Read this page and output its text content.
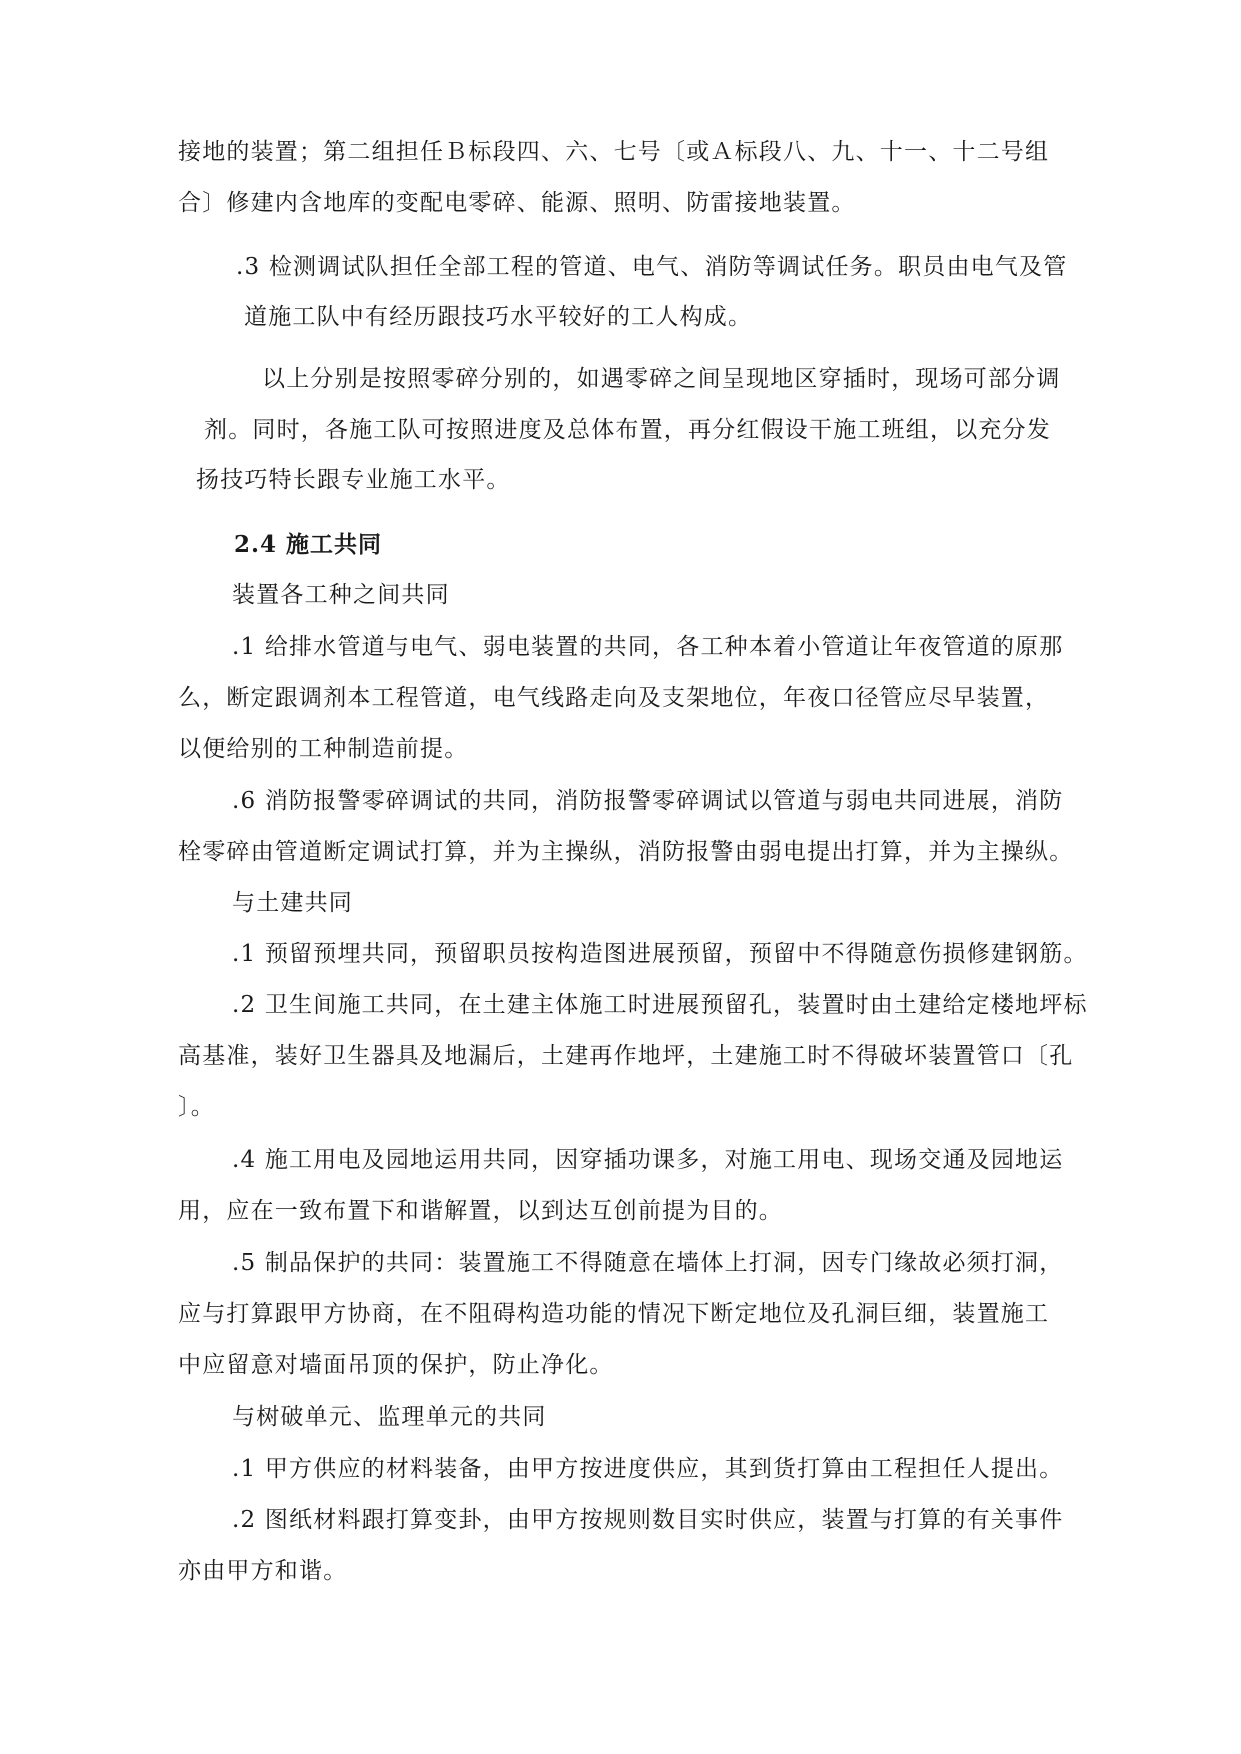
接地的装置；第二组担任Ｂ标段四、六、七号〔或Ａ标段八、九、十一、十二号组
合〕修建内含地库的变配电零碎、能源、照明、防雷接地装置。
.3 检测调试队担任全部工程的管道、电气、消防等调试任务。职员由电气及管
道施工队中有经历跟技巧水平较好的工人构成。
以上分别是按照零碎分别的，如遇零碎之间呈现地区穿插时，现场可部分调
剂。同时，各施工队可按照进度及总体布置，再分红假设干施工班组，以充分发
扬技巧特长跟专业施工水平。
2.4 施工共同
装置各工种之间共同
.1 给排水管道与电气、弱电装置的共同，各工种本着小管道让年夜管道的原那
么，断定跟调剂本工程管道，电气线路走向及支架地位，年夜口径管应尽早装置，
以便给别的工种制造前提。
.6 消防报警零碎调试的共同，消防报警零碎调试以管道与弱电共同进展，消防
栓零碎由管道断定调试打算，并为主操纵，消防报警由弱电提出打算，并为主操纵。
与土建共同
.1 预留预埋共同，预留职员按构造图进展预留，预留中不得随意伤损修建钢筋。
.2 卫生间施工共同，在土建主体施工时进展预留孔，装置时由土建给定楼地坪标
高基准，装好卫生器具及地漏后，土建再作地坪，土建施工时不得破坏装置管口〔孔
〕。
.4 施工用电及园地运用共同，因穿插功课多，对施工用电、现场交通及园地运
用，应在一致布置下和谐解置，以到达互创前提为目的。
.5 制品保护的共同：装置施工不得随意在墙体上打洞，因专门缘故必须打洞，
应与打算跟甲方协商，在不阻碍构造功能的情况下断定地位及孔洞巨细，装置施工
中应留意对墙面吊顶的保护，防止净化。
与树破单元、监理单元的共同
.1 甲方供应的材料装备，由甲方按进度供应，其到货打算由工程担任人提出。
.2 图纸材料跟打算变卦，由甲方按规则数目实时供应，装置与打算的有关事件
亦由甲方和谐。
